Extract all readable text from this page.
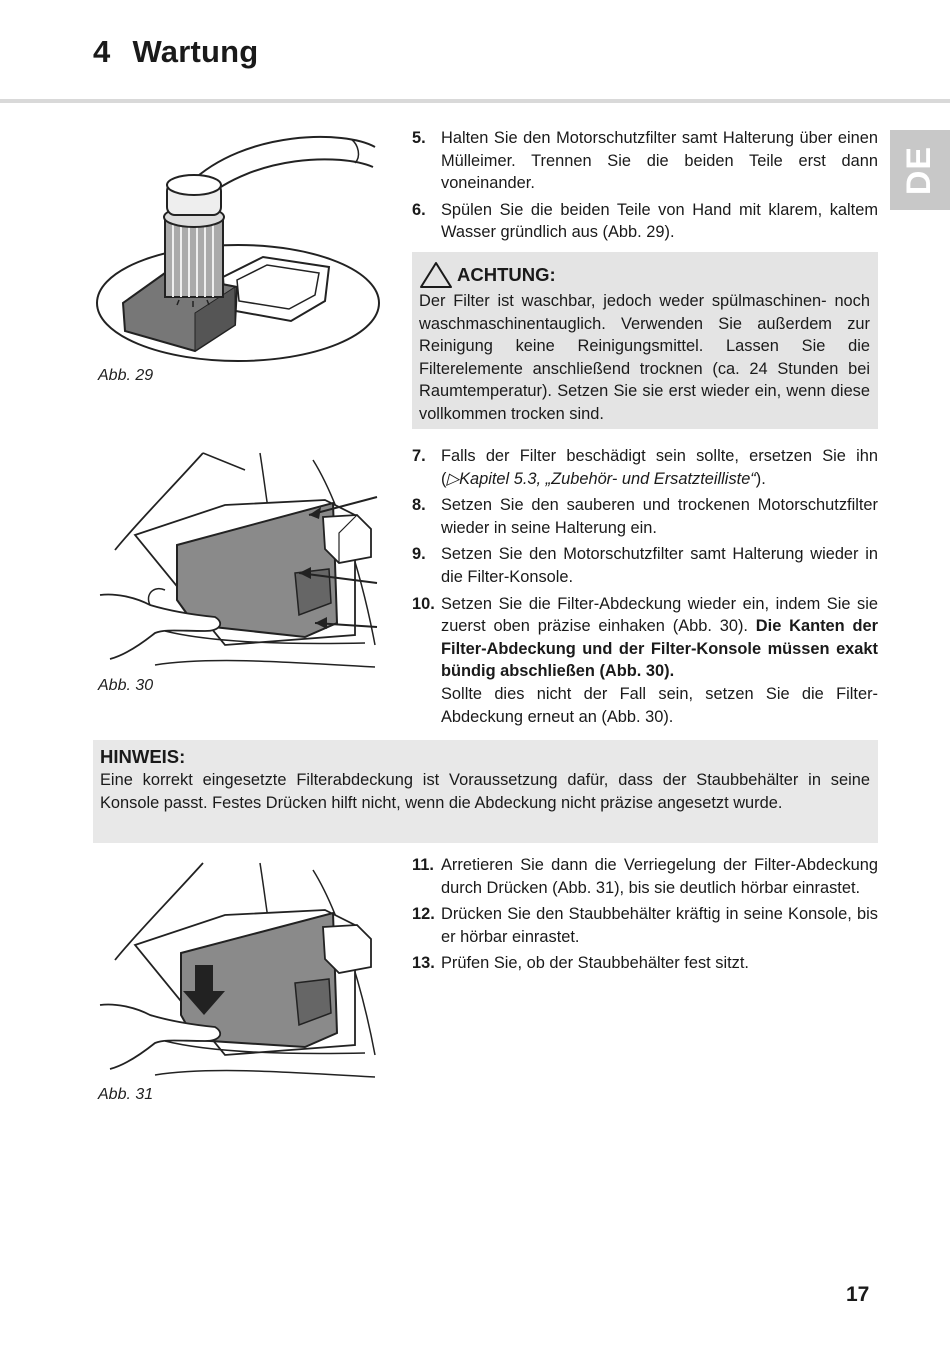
4 Wartung
DE
Abb. 29
Abb. 30
Abb. 31
5. Halten Sie den Motorschutzfilter samt Halterung über einen Mülleimer. Trennen Sie die beiden Teile erst dann voneinander.
6. Spülen Sie die beiden Teile von Hand mit klarem, kaltem Wasser gründlich aus (Abb. 29).
ACHTUNG:
Der Filter ist waschbar, jedoch weder spülmaschinen- noch waschmaschinentauglich. Verwenden Sie außerdem zur Reinigung keine Reinigungsmittel. Lassen Sie die Filterelemente anschließend trocknen (ca. 24 Stunden bei Raumtemperatur). Setzen Sie sie erst wieder ein, wenn diese vollkommen trocken sind.
7. Falls der Filter beschädigt sein sollte, ersetzen Sie ihn (▷Kapitel 5.3, „Zubehör- und Ersatzteilliste“).
8. Setzen Sie den sauberen und trockenen Motorschutzfilter wieder in seine Halterung ein.
9. Setzen Sie den Motorschutzfilter samt Halterung wieder in die Filter-Konsole.
10. Setzen Sie die Filter-Abdeckung wieder ein, indem Sie sie zuerst oben präzise einhaken (Abb. 30). Die Kanten der Filter-Abdeckung und der Filter-Konsole müssen exakt bündig abschließen (Abb. 30).
Sollte dies nicht der Fall sein, setzen Sie die Filter-Abdeckung erneut an (Abb. 30).
HINWEIS:
Eine korrekt eingesetzte Filterabdeckung ist Voraussetzung dafür, dass der Staubbehälter in seine Konsole passt. Festes Drücken hilft nicht, wenn die Abdeckung nicht präzise angesetzt wurde.
11. Arretieren Sie dann die Verriegelung der Filter-Abdeckung durch Drücken (Abb. 31), bis sie deutlich hörbar einrastet.
12. Drücken Sie den Staubbehälter kräftig in seine Konsole, bis er hörbar einrastet.
13. Prüfen Sie, ob der Staubbehälter fest sitzt.
17
